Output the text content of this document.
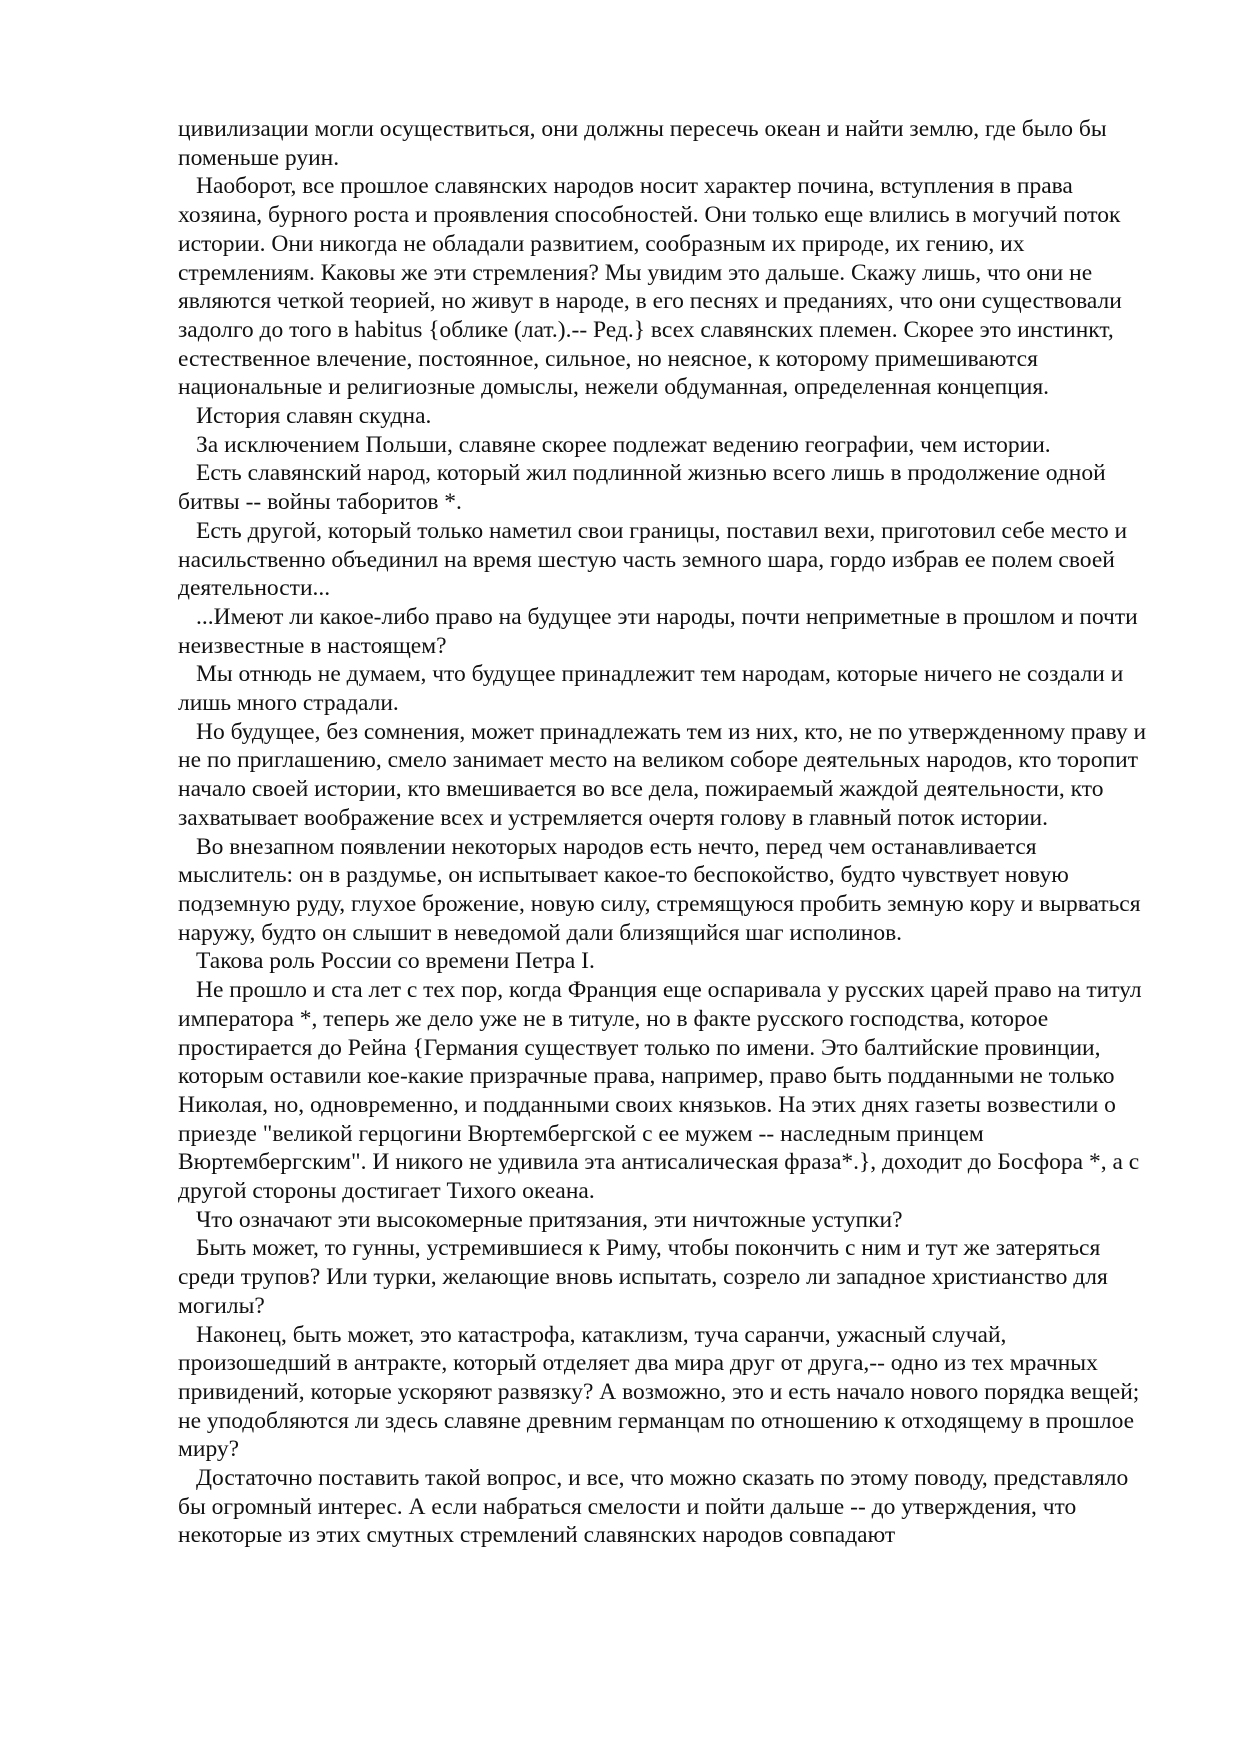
цивилизации могли осуществиться, они должны пересечь океан и найти землю, где было бы поменьше руин.

Наоборот, все прошлое славянских народов носит характер почина, вступления в права хозяина, бурного роста и проявления способностей. Они только еще влились в могучий поток истории. Они никогда не обладали развитием, сообразным их природе, их гению, их стремлениям. Каковы же эти стремления? Мы увидим это дальше. Скажу лишь, что они не являются четкой теорией, но живут в народе, в его песнях и преданиях, что они существовали задолго до того в habitus {облике (лат.).-- Ред.} всех славянских племен. Скорее это инстинкт, естественное влечение, постоянное, сильное, но неясное, к которому примешиваются национальные и религиозные домыслы, нежели обдуманная, определенная концепция.

История славян скудна.

За исключением Польши, славяне скорее подлежат ведению географии, чем истории.

Есть славянский народ, который жил подлинной жизнью всего лишь в продолжение одной битвы -- войны таборитов *.

Есть другой, который только наметил свои границы, поставил вехи, приготовил себе место и насильственно объединил на время шестую часть земного шара, гордо избрав ее полем своей деятельности...

...Имеют ли какое-либо право на будущее эти народы, почти неприметные в прошлом и почти неизвестные в настоящем?

Мы отнюдь не думаем, что будущее принадлежит тем народам, которые ничего не создали и лишь много страдали.

Но будущее, без сомнения, может принадлежать тем из них, кто, не по утвержденному праву и не по приглашению, смело занимает место на великом соборе деятельных народов, кто торопит начало своей истории, кто вмешивается во все дела, пожираемый жаждой деятельности, кто захватывает воображение всех и устремляется очертя голову в главный поток истории.

Во внезапном появлении некоторых народов есть нечто, перед чем останавливается мыслитель: он в раздумье, он испытывает какое-то беспокойство, будто чувствует новую подземную руду, глухое брожение, новую силу, стремящуюся пробить земную кору и вырваться наружу, будто он слышит в неведомой дали близящийся шаг исполинов.

Такова роль России со времени Петра I.

Не прошло и ста лет с тех пор, когда Франция еще оспаривала у русских царей право на титул императора *, теперь же дело уже не в титуле, но в факте русского господства, которое простирается до Рейна {Германия существует только по имени. Это балтийские провинции, которым оставили кое-какие призрачные права, например, право быть подданными не только Николая, но, одновременно, и подданными своих князьков. На этих днях газеты возвестили о приезде "великой герцогини Вюртембергской с ее мужем -- наследным принцем Вюртембергским". И никого не удивила эта антисалическая фраза*.}, доходит до Босфора *, а с другой стороны достигает Тихого океана.

Что означают эти высокомерные притязания, эти ничтожные уступки?

Быть может, то гунны, устремившиеся к Риму, чтобы покончить с ним и тут же затеряться среди трупов? Или турки, желающие вновь испытать, созрело ли западное христианство для могилы?

Наконец, быть может, это катастрофа, катаклизм, туча саранчи, ужасный случай, произошедший в антракте, который отделяет два мира друг от друга,-- одно из тех мрачных привидений, которые ускоряют развязку? А возможно, это и есть начало нового порядка вещей; не уподобляются ли здесь славяне древним германцам по отношению к отходящему в прошлое миру?

Достаточно поставить такой вопрос, и все, что можно сказать по этому поводу, представляло бы огромный интерес. А если набраться смелости и пойти дальше -- до утверждения, что некоторые из этих смутных стремлений славянских народов совпадают
